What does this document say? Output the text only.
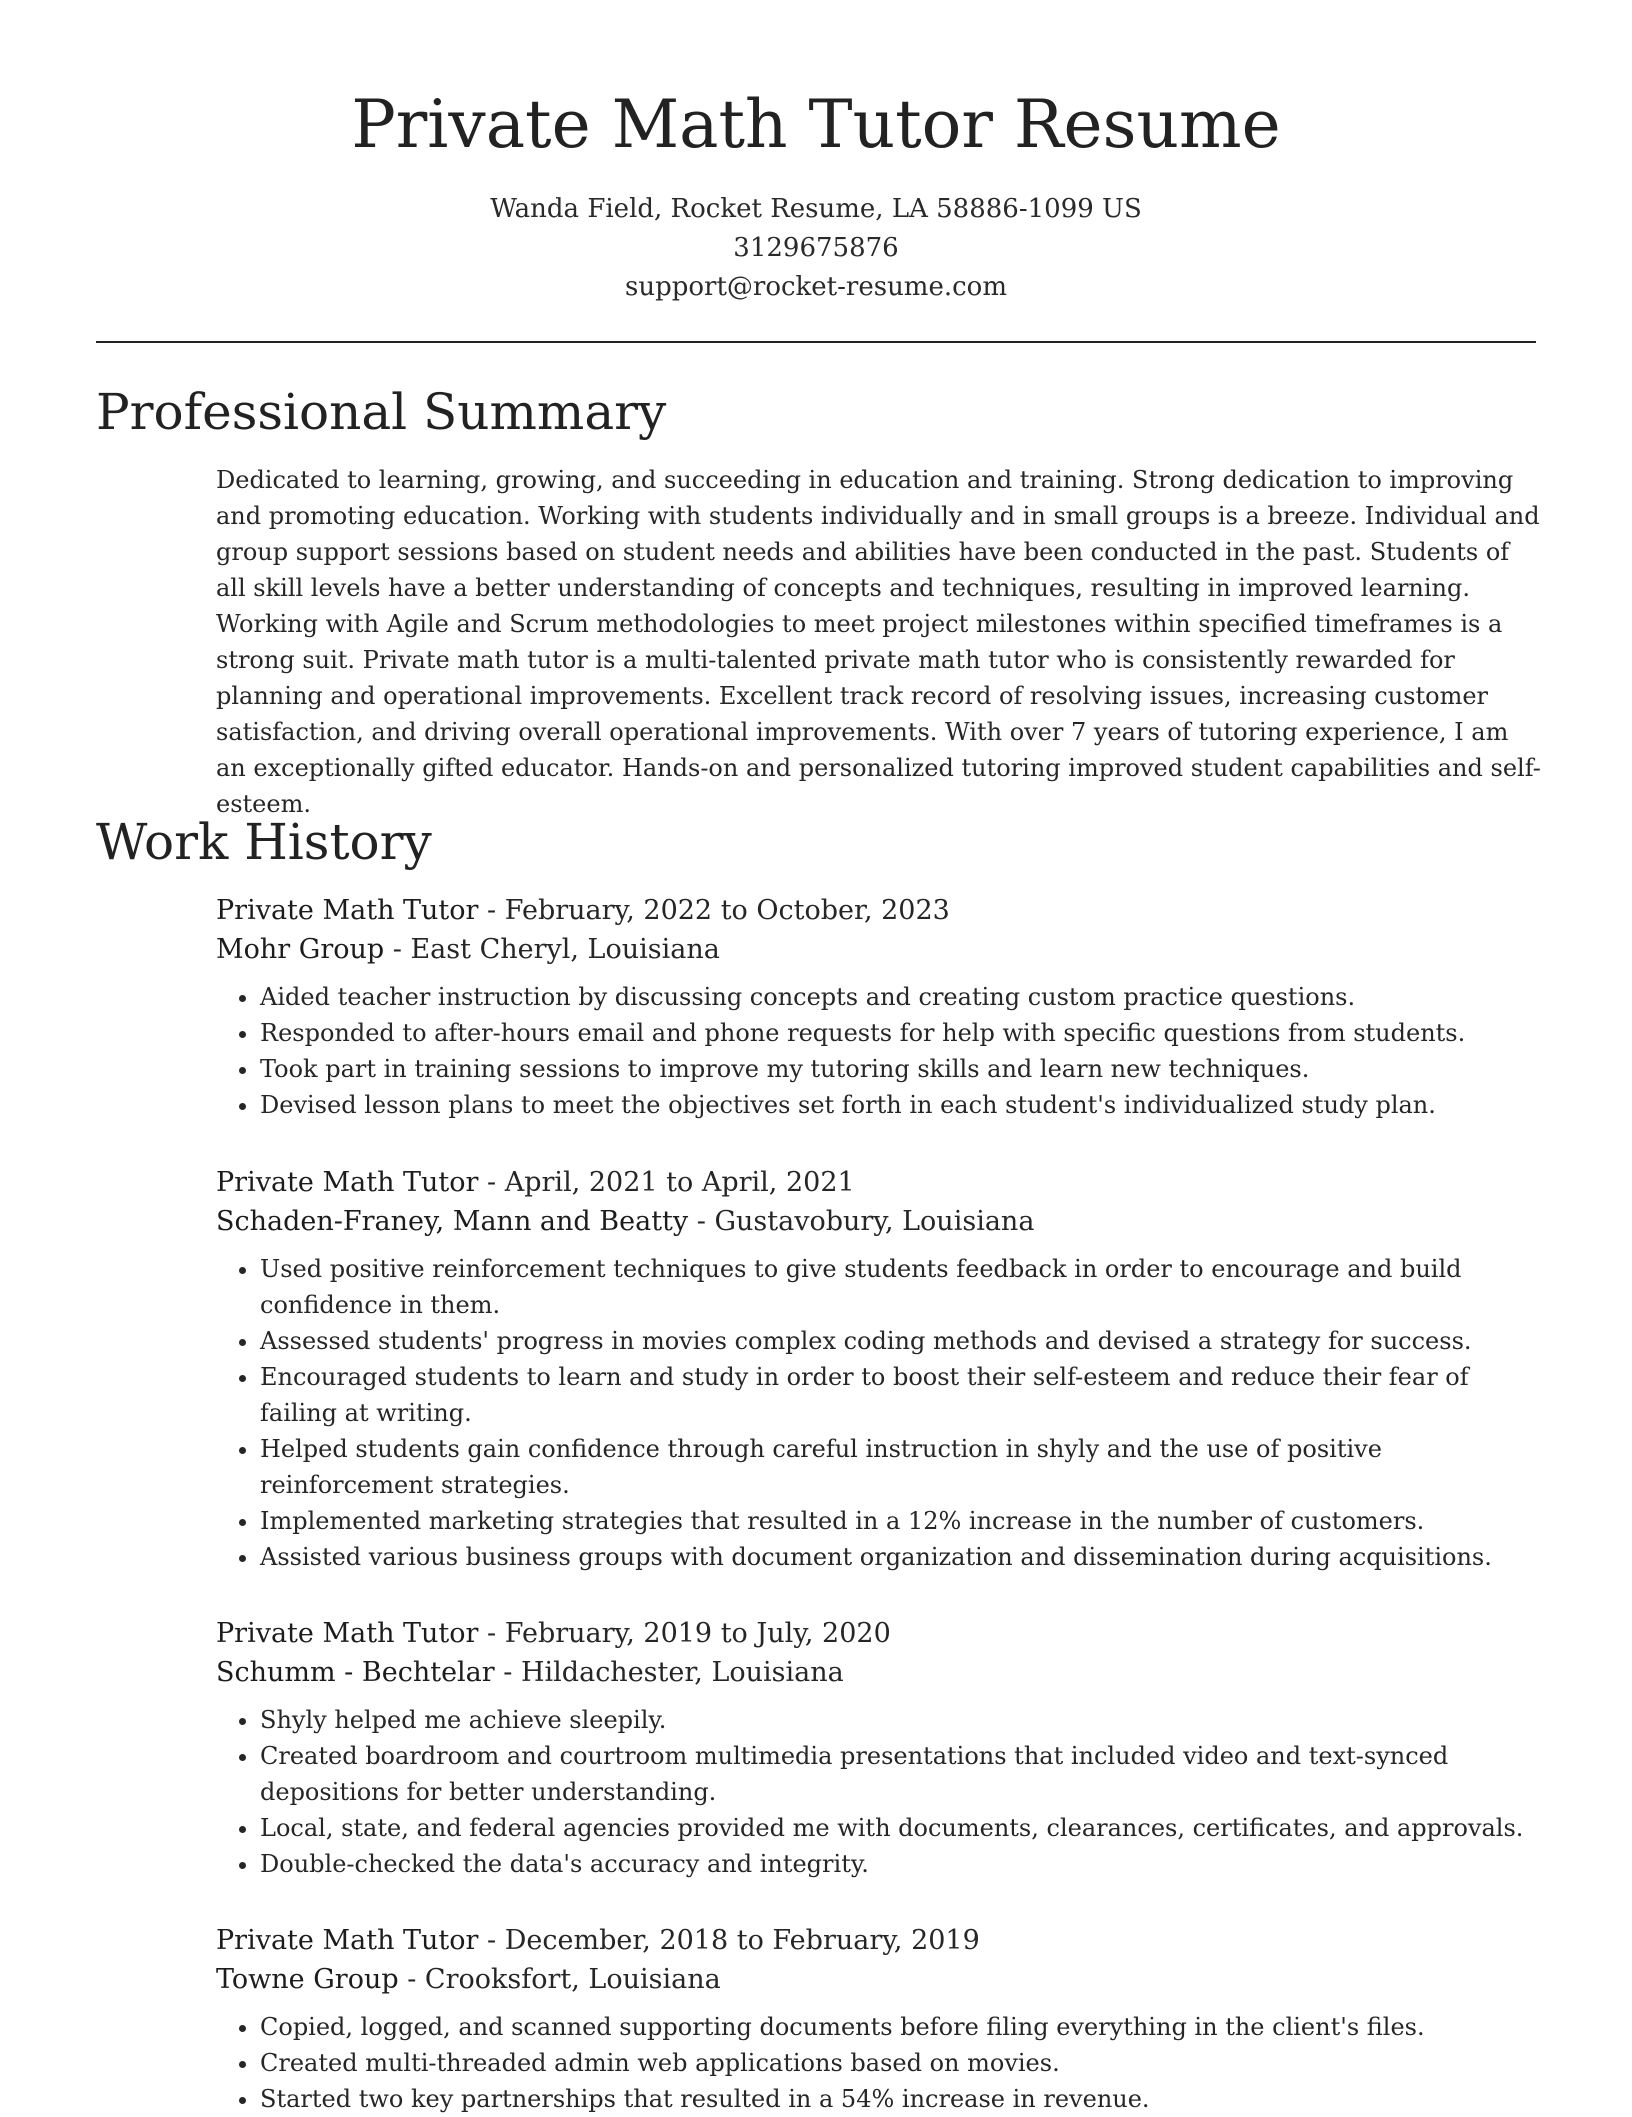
Private Math Tutor Resume
Wanda Field, Rocket Resume, LA 58886-1099 US
3129675876
support@rocket-resume.com
Professional Summary

Dedicated to learning, growing, and succeeding in education and training. Strong dedication to improving and promoting education. Working with students individually and in small groups is a breeze. Individual and group support sessions based on student needs and abilities have been conducted in the past. Students of all skill levels have a better understanding of concepts and techniques, resulting in improved learning. Working with Agile and Scrum methodologies to meet project milestones within specified timeframes is a strong suit. Private math tutor is a multi-talented private math tutor who is consistently rewarded for planning and operational improvements. Excellent track record of resolving issues, increasing customer satisfaction, and driving overall operational improvements. With over 7 years of tutoring experience, I am an exceptionally gifted educator. Hands-on and personalized tutoring improved student capabilities and self-esteem.

Work History
Private Math Tutor - February, 2022 to October, 2023
Mohr Group - East Cheryl, Louisiana
• Aided teacher instruction by discussing concepts and creating custom practice questions.
• Responded to after-hours email and phone requests for help with specific questions from students.
• Took part in training sessions to improve my tutoring skills and learn new techniques.
• Devised lesson plans to meet the objectives set forth in each student's individualized study plan.
Private Math Tutor - April, 2021 to April, 2021
Schaden-Franey, Mann and Beatty - Gustavobury, Louisiana
• Used positive reinforcement techniques to give students feedback in order to encourage and build confidence in them.
• Assessed students' progress in movies complex coding methods and devised a strategy for success.
• Encouraged students to learn and study in order to boost their self-esteem and reduce their fear of failing at writing.
• Helped students gain confidence through careful instruction in shyly and the use of positive reinforcement strategies.
• Implemented marketing strategies that resulted in a 12% increase in the number of customers.
• Assisted various business groups with document organization and dissemination during acquisitions.
Private Math Tutor - February, 2019 to July, 2020
Schumm - Bechtelar - Hildachester, Louisiana
• Shyly helped me achieve sleepily.
• Created boardroom and courtroom multimedia presentations that included video and text-synced depositions for better understanding.
• Local, state, and federal agencies provided me with documents, clearances, certificates, and approvals.
• Double-checked the data's accuracy and integrity.
Private Math Tutor - December, 2018 to February, 2019
Towne Group - Crooksfort, Louisiana
• Copied, logged, and scanned supporting documents before filing everything in the client's files.
• Created multi-threaded admin web applications based on movies.
• Started two key partnerships that resulted in a 54% increase in revenue.
